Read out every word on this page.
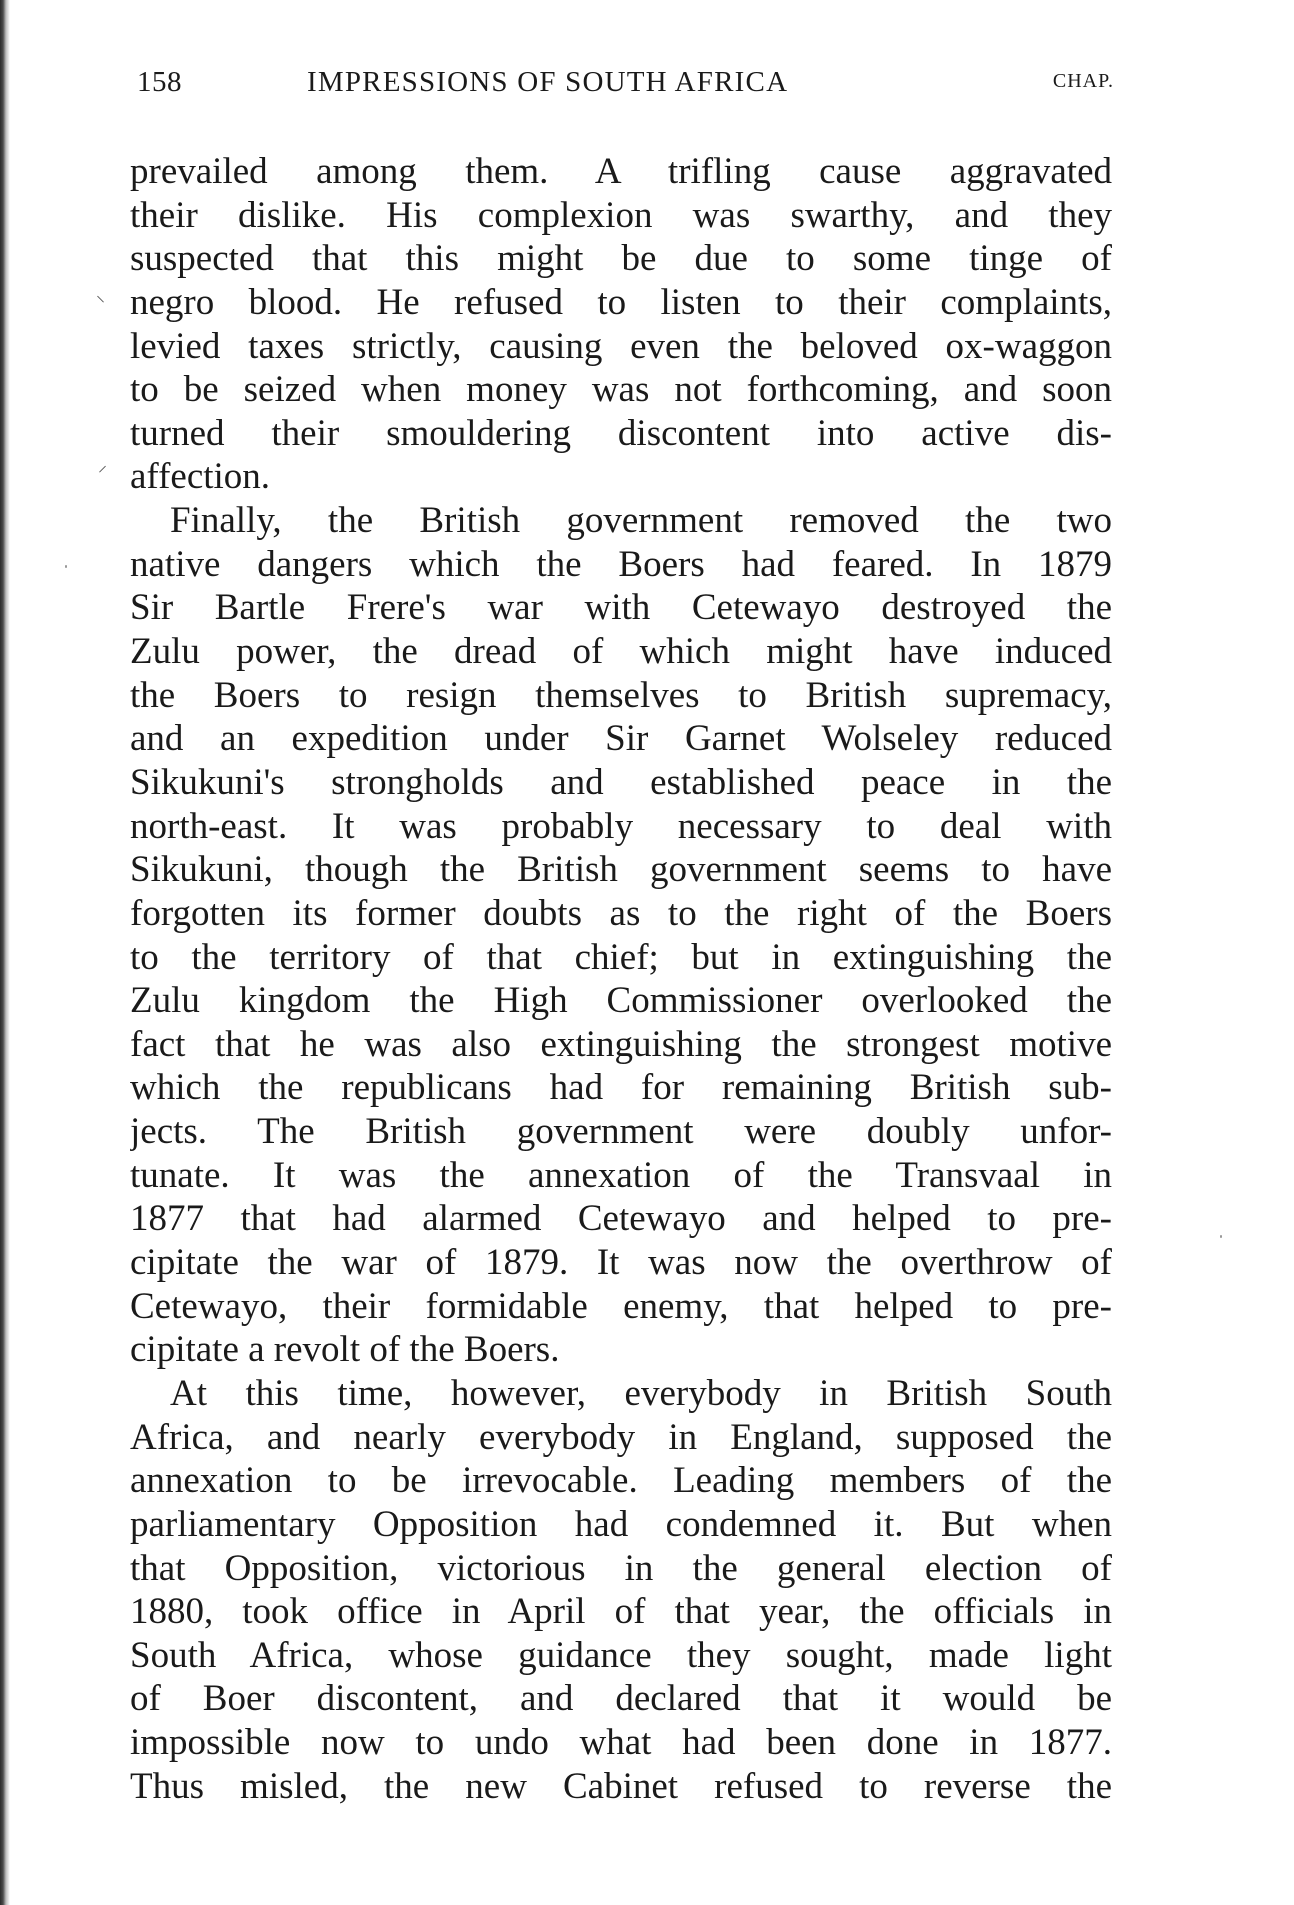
158	IMPRESSIONS OF SOUTH AFRICA	CHAP.
⸜
⸝
prevailed among them. A trifling cause aggravated
their dislike. His complexion was swarthy, and they
suspected that this might be due to some tinge of
negro blood. He refused to listen to their complaints,
levied taxes strictly, causing even the beloved ox-waggon
to be seized when money was not forthcoming, and soon
turned their smouldering discontent into active dis-
affection.
Finally, the British government removed the two
native dangers which the Boers had feared. In 1879
Sir Bartle Frere's war with Cetewayo destroyed the
Zulu power, the dread of which might have induced
the Boers to resign themselves to British supremacy,
and an expedition under Sir Garnet Wolseley reduced
Sikukuni's strongholds and established peace in the
north-east. It was probably necessary to deal with
Sikukuni, though the British government seems to have
forgotten its former doubts as to the right of the Boers
to the territory of that chief; but in extinguishing the
Zulu kingdom the High Commissioner overlooked the
fact that he was also extinguishing the strongest motive
which the republicans had for remaining British sub-
jects. The British government were doubly unfor-
tunate. It was the annexation of the Transvaal in
1877 that had alarmed Cetewayo and helped to pre-
cipitate the war of 1879. It was now the overthrow of
Cetewayo, their formidable enemy, that helped to pre-
cipitate a revolt of the Boers.
At this time, however, everybody in British South
Africa, and nearly everybody in England, supposed the
annexation to be irrevocable. Leading members of the
parliamentary Opposition had condemned it. But when
that Opposition, victorious in the general election of
1880, took office in April of that year, the officials in
South Africa, whose guidance they sought, made light
of Boer discontent, and declared that it would be
impossible now to undo what had been done in 1877.
Thus misled, the new Cabinet refused to reverse the
